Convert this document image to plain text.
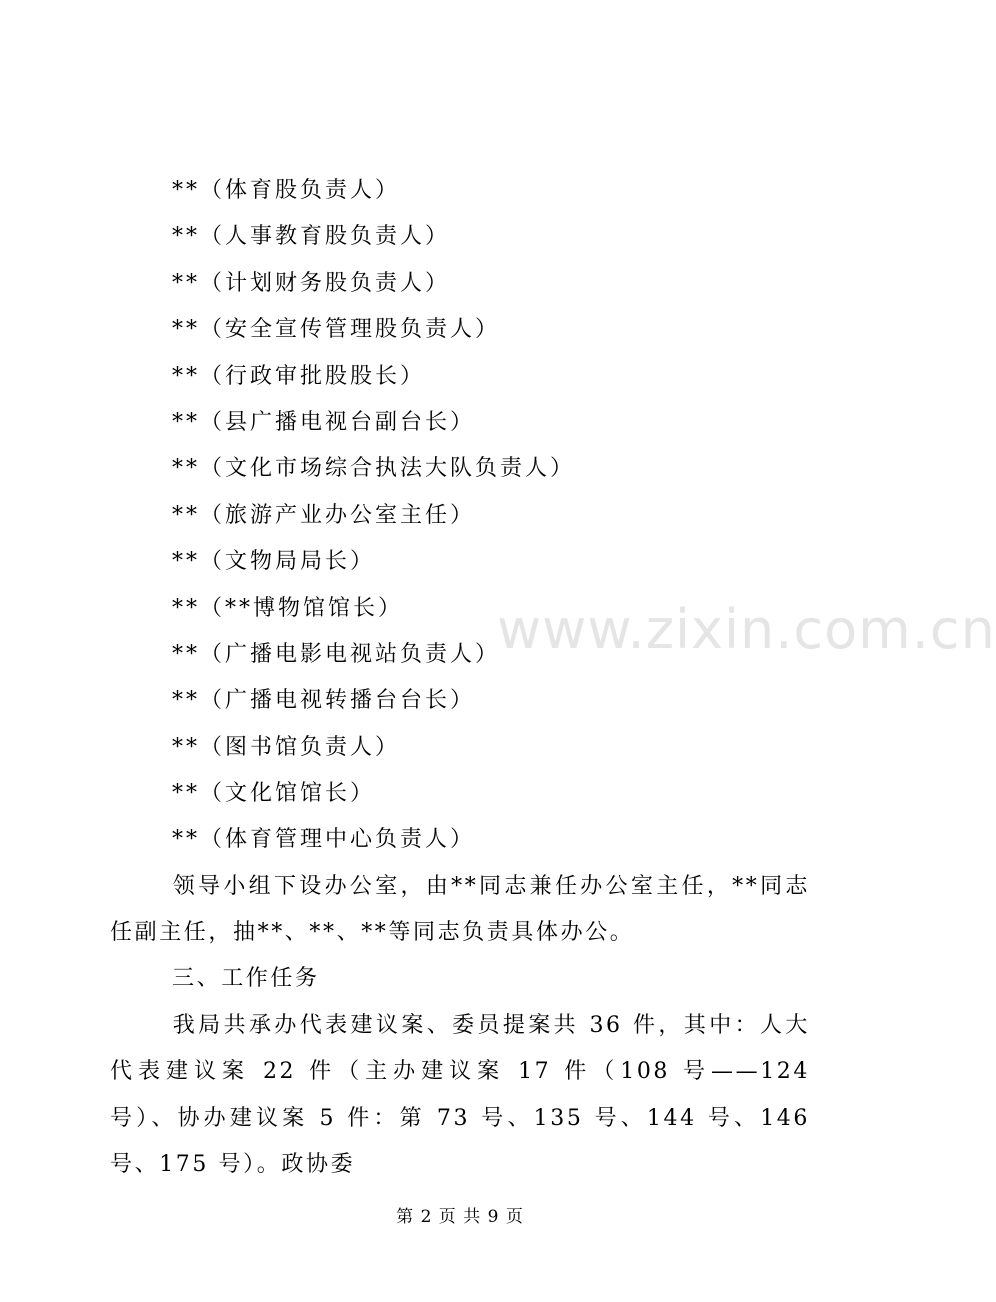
**（体育股负责人）
**（人事教育股负责人）
**（计划财务股负责人）
**（安全宣传管理股负责人）
**（行政审批股股长）
**（县广播电视台副台长）
**（文化市场综合执法大队负责人）
**（旅游产业办公室主任）
**（文物局局长）
**（**博物馆馆长）
**（广播电影电视站负责人）
**（广播电视转播台台长）
**（图书馆负责人）
**（文化馆馆长）
**（体育管理中心负责人）

领导小组下设办公室，由**同志兼任办公室主任，**同志任副主任，抽**、**、**等同志负责具体办公。

三、工作任务

我局共承办代表建议案、委员提案共 36 件，其中：人大代表建议案 22 件（主办建议案 17 件（108 号——124 号）、协办建议案 5 件：第 73 号、135 号、144 号、146 号、175 号）。政协委

www.zixin.com.cn
第 2 页 共 9 页
